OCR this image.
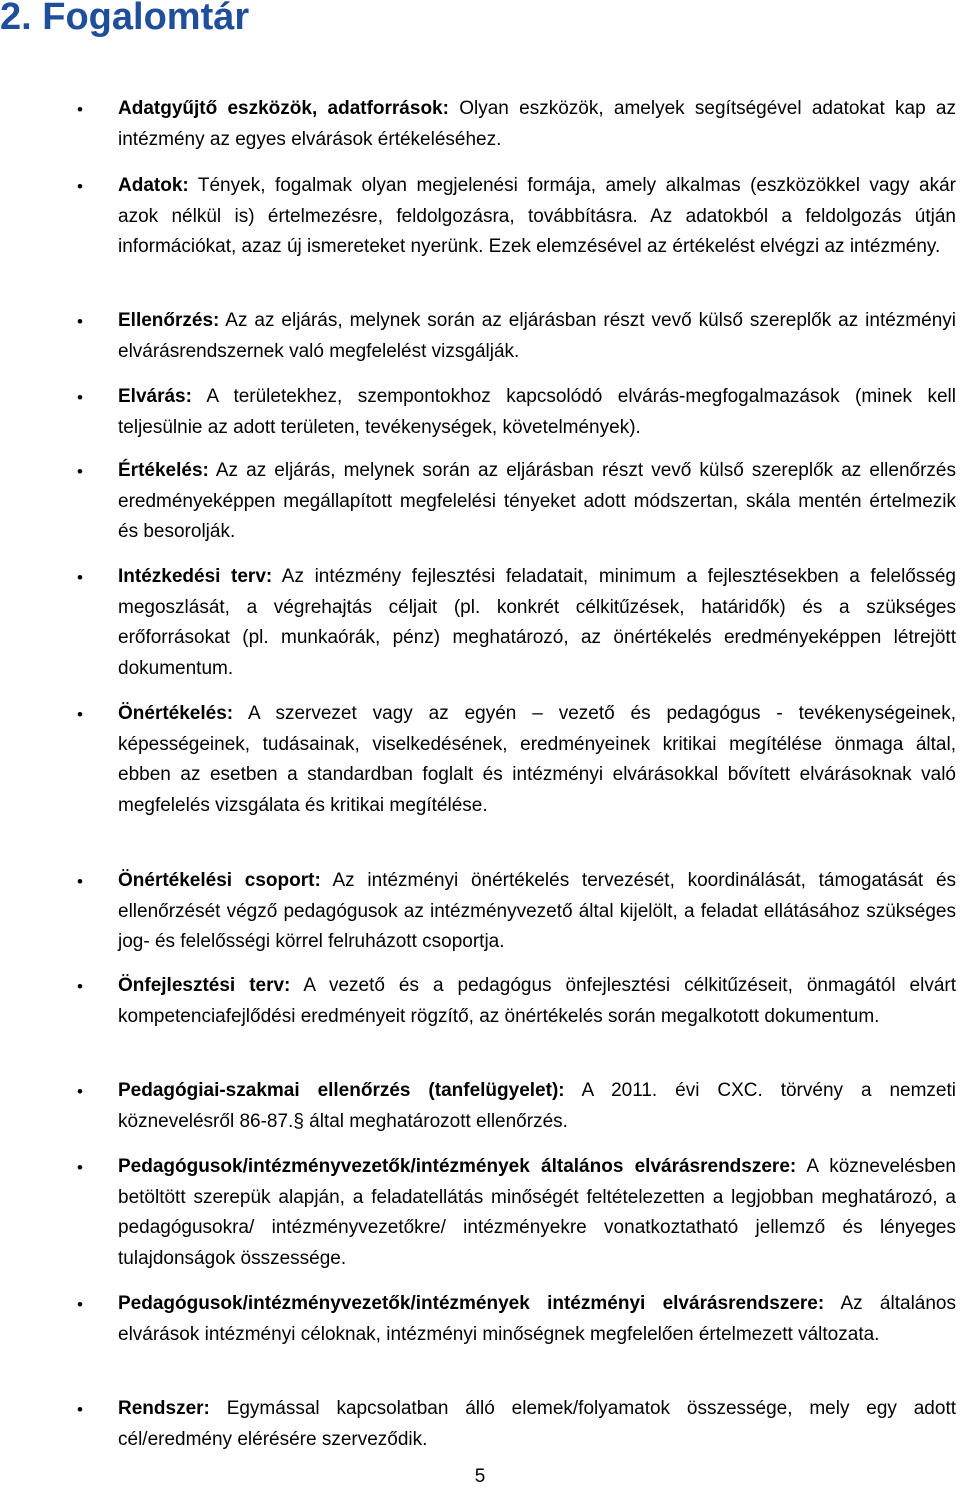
2. Fogalomtár
• Adatgyűjtő eszközök, adatforrások: Olyan eszközök, amelyek segítségével adatokat kap az intézmény az egyes elvárások értékeléséhez.

• Adatok: Tények, fogalmak olyan megjelenési formája, amely alkalmas (eszközökkel vagy akár azok nélkül is) értelmezésre, feldolgozásra, továbbításra. Az adatokból a feldolgozás útján információkat, azaz új ismereteket nyerünk. Ezek elemzésével az értékelést elvégzi az intézmény.

• Ellenőrzés: Az az eljárás, melynek során az eljárásban részt vevő külső szereplők az intézményi elvárásrendszernek való megfelelést vizsgálják.

• Elvárás: A területekhez, szempontokhoz kapcsolódó elvárás-megfogalmazások (minek kell teljesülnie az adott területen, tevékenységek, követelmények).

• Értékelés: Az az eljárás, melynek során az eljárásban részt vevő külső szereplők az ellenőrzés eredményeképpen megállapított megfelelési tényeket adott módszertan, skála mentén értelmezik és besorolják.

• Intézkedési terv: Az intézmény fejlesztési feladatait, minimum a fejlesztésekben a felelősség megoszlását, a végrehajtás céljait (pl. konkrét célkitűzések, határidők) és a szükséges erőforrásokat (pl. munkaórák, pénz) meghatározó, az önértékelés eredményeképpen létrejött dokumentum.

• Önértékelés: A szervezet vagy az egyén – vezető és pedagógus - tevékenységeinek, képességeinek, tudásainak, viselkedésének, eredményeinek kritikai megítélése önmaga által, ebben az esetben a standardban foglalt és intézményi elvárásokkal bővített elvárásoknak való megfelelés vizsgálata és kritikai megítélése.

• Önértékelési csoport: Az intézményi önértékelés tervezését, koordinálását, támogatását és ellenőrzését végző pedagógusok az intézményvezető által kijelölt, a feladat ellátásához szükséges jog- és felelősségi körrel felruházott csoportja.

• Önfejlesztési terv: A vezető és a pedagógus önfejlesztési célkitűzéseit, önmagától elvárt kompetenciafejlődési eredményeit rögzítő, az önértékelés során megalkotott dokumentum.

• Pedagógiai-szakmai ellenőrzés (tanfelügyelet): A 2011. évi CXC. törvény a nemzeti köznevelésről 86-87.§ által meghatározott ellenőrzés.

• Pedagógusok/intézményvezetők/intézmények általános elvárásrendszere: A köznevelésben betöltött szerepük alapján, a feladatellátás minőségét feltételezetten a legjobban meghatározó, a pedagógusokra/ intézményvezetőkre/ intézményekre vonatkoztatható jellemző és lényeges tulajdonságok összessége.

• Pedagógusok/intézményvezetők/intézmények intézményi elvárásrendszere: Az általános elvárások intézményi céloknak, intézményi minőségnek megfelelően értelmezett változata.

• Rendszer: Egymással kapcsolatban álló elemek/folyamatok összessége, mely egy adott cél/eredmény elérésére szerveződik.

5
